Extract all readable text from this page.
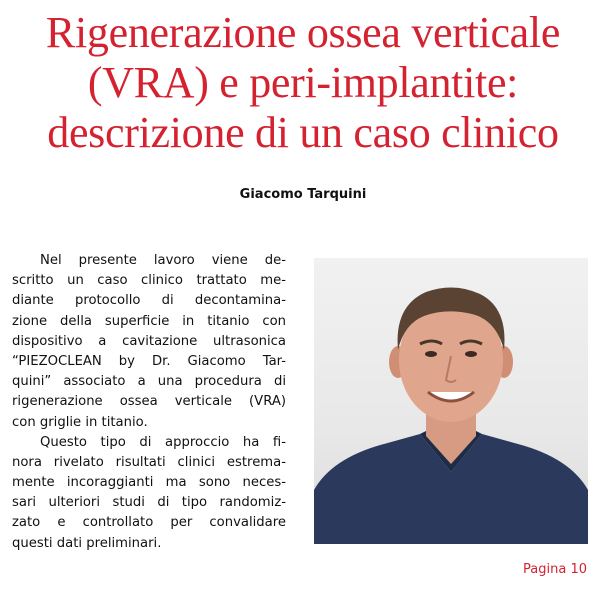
Rigenerazione ossea verticale
(VRA) e peri-implantite:
descrizione di un caso clinico
Giacomo Tarquini
Nel presente lavoro viene de-
scritto un caso clinico trattato me-
diante protocollo di decontamina-
zione della superficie in titanio con
dispositivo a cavitazione ultrasonica
“PIEZOCLEAN by Dr. Giacomo Tar-
quini” associato a una procedura di
rigenerazione ossea verticale (VRA)
con griglie in titanio.
Questo tipo di approccio ha fi-
nora rivelato risultati clinici estrema-
mente incoraggianti ma sono neces-
sari ulteriori studi di tipo randomiz-
zato e controllato per convalidare
questi dati preliminari.
Pagina 10
